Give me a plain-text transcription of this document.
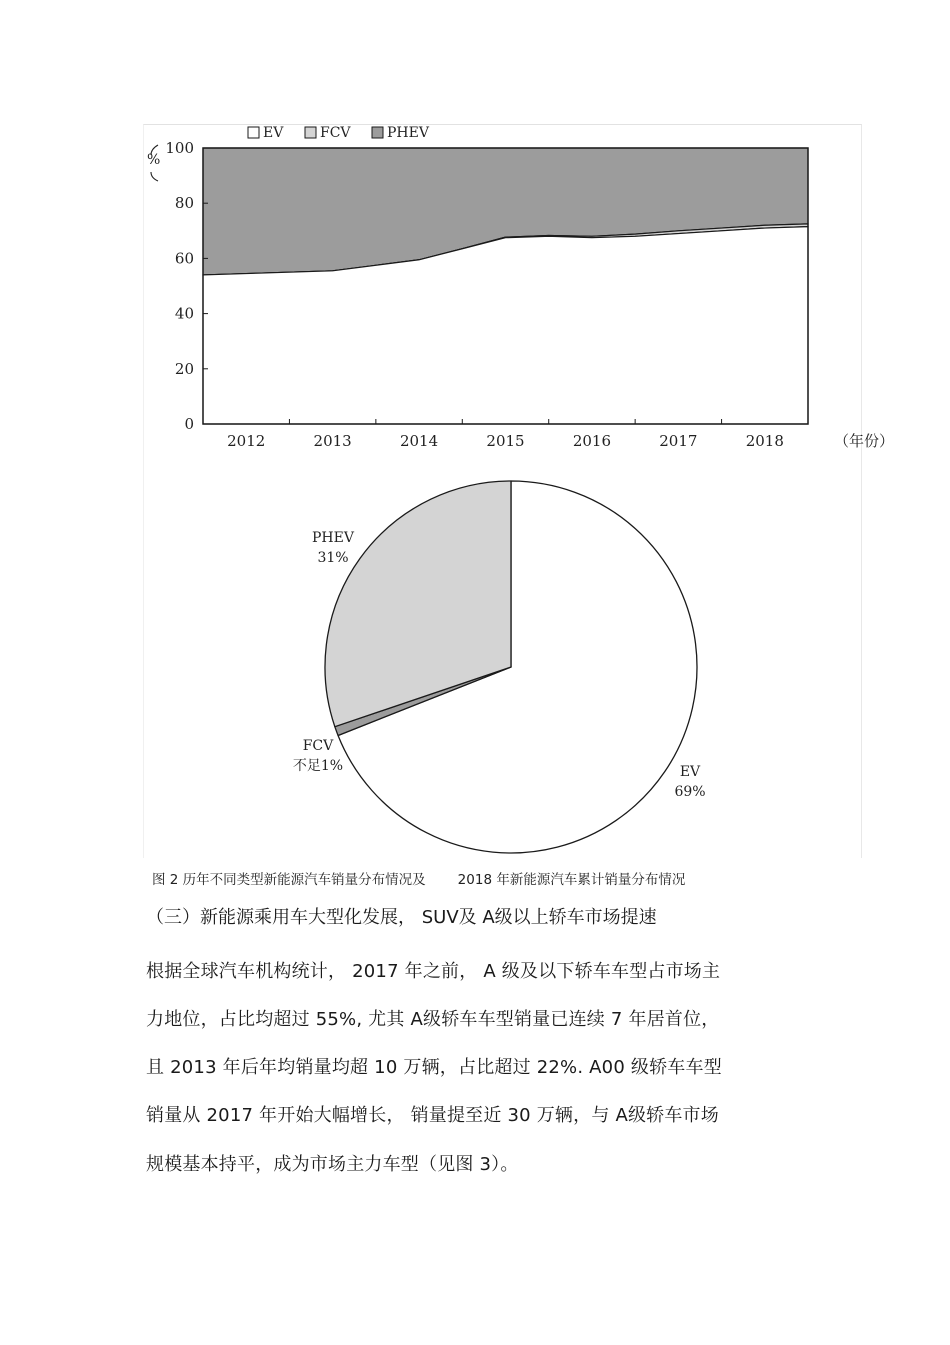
0
20
40
60
80
100
2012	2013	2014	2015	2016	2017	2018	（年份）
%
EV	FCV	PHEV
EV
69%
FCV
不足1%
PHEV
31%
图 2 历年不同类型新能源汽车销量分布情况及 2018 年新能源汽车累计销量分布情况
（三）新能源乘用车大型化发展， SUV及 A级以上轿车市场提速
根据全球汽车机构统计， 2017 年之前， A 级及以下轿车车型占市场主
力地位，占比均超过 55%, 尤其 A级轿车车型销量已连续 7 年居首位，
且 2013 年后年均销量均超 10 万辆，占比超过 22%. A00 级轿车车型
销量从 2017 年开始大幅增长， 销量提至近 30 万辆，与 A级轿车市场
规模基本持平，成为市场主力车型（见图 3）。
